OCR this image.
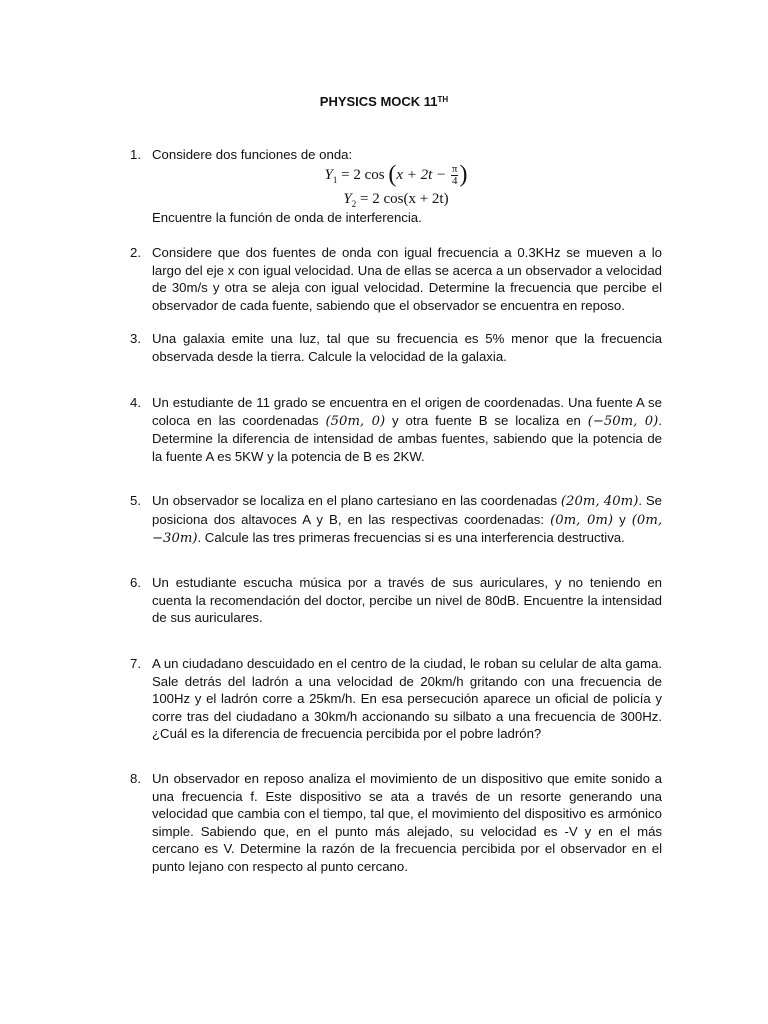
PHYSICS MOCK 11TH
1. Considere dos funciones de onda:
$Y_1 = 2$ $\cos (x + 2t - \frac{\pi}{4}$ )
$Y_2 = 2$ cos(x + 2t)
Encuentre la función de onda de interferencia.
2. Considere que dos fuentes de onda con igual frecuencia a 0.3KHz se mueven a lo largo del eje x con igual velocidad. Una de ellas se acerca a un observador a velocidad de 30m/s y otra se aleja con igual velocidad. Determine la frecuencia que percibe el observador de cada fuente, sabiendo que el observador se encuentra en reposo.
3. Una galaxia emite una luz, tal que su frecuencia es 5% menor que la frecuencia observada desde la tierra. Calcule la velocidad de la galaxia.
4. Un estudiante de 11 grado se encuentra en el origen de coordenadas. Una fuente A se coloca en las coordenadas (50m, 0) y otra fuente B se localiza en (−50m, 0). Determine la diferencia de intensidad de ambas fuentes, sabiendo que la potencia de la fuente A es 5KW y la potencia de B es 2KW.
5. Un observador se localiza en el plano cartesiano en las coordenadas (20m, 40m). Se posiciona dos altavoces A y B, en las respectivas coordenadas: (0m, 0m) y (0m, −30m). Calcule las tres primeras frecuencias si es una interferencia destructiva.
6. Un estudiante escucha música por a través de sus auriculares, y no teniendo en cuenta la recomendación del doctor, percibe un nivel de 80dB. Encuentre la intensidad de sus auriculares.
7. A un ciudadano descuidado en el centro de la ciudad, le roban su celular de alta gama. Sale detrás del ladrón a una velocidad de 20km/h gritando con una frecuencia de 100Hz y el ladrón corre a 25km/h. En esa persecución aparece un oficial de policía y corre tras del ciudadano a 30km/h accionando su silbato a una frecuencia de 300Hz. ¿Cuál es la diferencia de frecuencia percibida por el pobre ladrón?
8. Un observador en reposo analiza el movimiento de un dispositivo que emite sonido a una frecuencia f. Este dispositivo se ata a través de un resorte generando una velocidad que cambia con el tiempo, tal que, el movimiento del dispositivo es armónico simple. Sabiendo que, en el punto más alejado, su velocidad es -V y en el más cercano es V. Determine la razón de la frecuencia percibida por el observador en el punto lejano con respecto al punto cercano.
